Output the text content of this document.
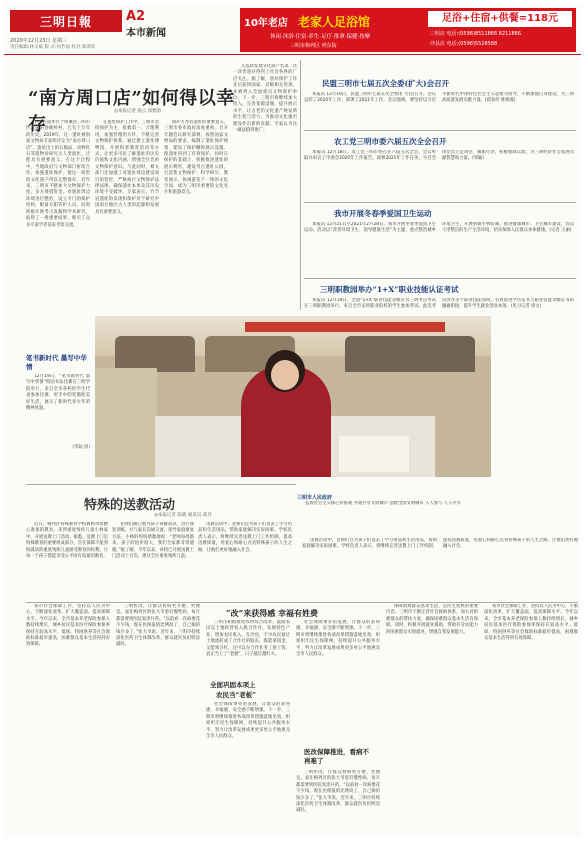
三明日報	A2
本市新闻
2020年12月23日 星期三
责任编辑:林文斌 版 式:何芳福 校对:郑翠萍
10年老店 老家人足浴馆
休闲·沐浴·住宿·养生·足疗·推拿·保健·按摩
三明市梅列区 列东街
足浴+住宿+供餐=118元
三明店 电话:(0598)8511866 8211866
沙县店 电话:(0598)5528588
“南方周口店”如何得以幸存
◎本报记者 骆云 徐雅韵

竹节岩遗址位于明溪县三明市区北部的苍峡岭村，已有十万年的历史。2019年，这一遗址被国家文物局专家组评定为“南方周口店”。遗址出土的石制品、动物化石等遗物对研究古人类演化、迁徙具有重要意义。在这个过程中，当地政府与文物部门密切合作，加强遗址保护，使这一珍贵的文化遗产得以完整保存。近年来，三明市不断加大文物保护力度，多方筹措资金，对遗址周边环境进行整治，设立专门的保护机构，配备专职管护人员。同时积极开展考古发掘和学术研究，取得了一批重要成果，吸引了众多专家学者前来考察交流。

在遗址保护工作中，三明市坚持保护为主、抢救第一、合理利用、加强管理的方针，不断完善文物保护体系。通过建立遗址博物馆、开展科普教育活动等方式，让更多市民了解遗址的历史价值和文化内涵，增强全社会的文物保护意识。与此同时，相关部门还加强了对遗址周边建设项目的管控，严格执行文物保护法律法规，确保遗址本体及其历史环境不受破坏。专家表示，竹节岩遗址的发现和保护对于研究中国南方地区古人类的起源和发展具有重要意义。

保护万寿岩遗址的重要意义，三明市委市政府高度重视，召开专题会议研究部署。按照国家文物局的要求，编制了遗址保护规划，建设了保护棚和展示设施，使遗址得到了有效保护。同时在保护的基础上，积极推进遗址的展示利用，建设考古遗址公园，打造集文物保护、科学研究、教育展示、休闲游览于一体的文化空间，成为三明市重要的文化名片和旅游景点。

入选新发现文化遗产名录，这一珍贵遗存得到了社会各界的广泛关注。据了解，遗址保护工作先后获得国家、省级相关奖项，并被列入全国重点文物保护单位。下一步，三明市将继续加大投入，完善基础设施，提升展示水平，让古老的文化遗产焕发新的生机与活力，为推动文化强市建设作出新的贡献。专家认为这一做法值得推广。

民盟三明市七届五次全委(扩大)会召开

本报讯 12月19日，民盟三明市七届五次全委(扩大)会召开。会议总结了2020年工作，部署了2021年工作。会议强调，要坚持以习近平新时代中国特色社会主义思想为指导，不断加强自身建设，为三明高质量发展贡献力量。(郑春萍 林燕燕)

农工党三明市委六届五次全会召开

本报讯 12月18日，农工党三明市委召开六届五次全会。会议听取并审议了市委会2020年工作报告，部署2021年工作任务，号召全体党员立足岗位，履职尽责，积极参政议政，为三明经济社会发展贡献智慧和力量。(邹颖)

我市开展冬春季爱国卫生运动

本报讯 12月21日至2021年2月28日，我市开展冬春季爱国卫生运动。活动以“改善环境卫生、倡导健康生活”为主题，重点整治城乡环境卫生，开展病媒生物防制，推进健康城市、卫生城市建设，营造干净整洁的生产生活环境，切实保障人民群众身体健康。(记者 王丽)

三明职教园举办“1+X”职业技能认证考试

本报讯 12月19日，全国“1+X”职业技能等级证书三明考点考试在三明职教园举行，来自全市多所职业院校的学生参加考试。此次考试涉及多个职业技能领域，有效促进学历证书与职业技能等级证书的融通衔接，提升学生就业创业本领。(见习记者 徐文)

笔书新时代 墨写中华情

12月19日，“笔书新时代 墨写中华情”校园书法比赛在三明学院举行，来自全市各校的学生代表参加比赛，用手中的笔描绘美好生活，展示了新时代青少年的精神风貌。

(邹颖 摄)
特殊的送教活动
◎本报记者 陈晓 通讯员 邱丹

近日，梅列区特殊教育学校教师带着精心准备的教具，来到重度残疾儿童小林家中，开展送教上门活动。据悉，送教上门是特殊教育的重要组成部分，旨在保障不能到校就读的重度残疾儿童接受教育的权利，让每一个孩子都能享受公平而有质量的教育。

老师们耐心地为孩子讲解知识，进行康复训练，并与家长沟通交流，指导家庭康复方法。小林的妈妈感激地说：“老师每周都来，孩子的进步很大，我们全家都非常感谢。”据了解，今年以来，该校已开展送教上门活动上百次，惠及全区重度残疾儿童。

送教活动中，老师们还为孩子们送去了学习用品和生活用品，帮助家庭解决实际困难。学校负责人表示，将继续完善送教上门工作机制，提高送教质量，用爱心和耐心点亮特殊孩子的人生之路，让他们更好地融入社会。

三明市人民政府

弘扬社会主义核心价值观 共建共享文明城市 创建全国文明城市 人人参与 人人共享

送教活动中，老师们还为孩子们送去了学习用品和生活用品，帮助家庭解决实际困难。学校负责人表示，将继续完善送教上门工作机制，提高送教质量，用爱心和耐心点亮特殊孩子的人生之路，让他们更好地融入社会。

“改”来获得感 幸福有姓费

我市社会保障工作，坚持以人民为中心，不断深化改革，扩大覆盖面，提高保障水平。今年以来，全市基本养老保险参保人数持续增长，城乡居民基本医疗保险参保率保持在较高水平。低保、特困供养等社会救助标准稳步提高，困难群众基本生活得到有效保障。

三明医改，让群众看病更方便、更便宜。家住梅列区的张大爷患有慢性病，每月都需要到医院复诊开药。“以前看一次病要花不少钱，现在医保报销比例高了，自己掏的钱少多了。”张大爷说。近年来，三明市持续深化医药卫生体制改革，群众就医负担明显减轻。

全面巩固本项上
农民当“老板”

三明市积极推进农村综合改革，鼓励农民以土地经营权入股合作社，发展特色产业，增加农民收入。在沙县，不少农民通过土地流转成了合作社的股东，既能拿租金，又能领分红，还可以在合作社务工挣工资，真正当上了“老板”，日子越过越红火。

社会保障事业的发展，让群众的获得感、幸福感、安全感不断增强。下一步，三明市将继续推进各项改革措施落地见效，织密织牢民生保障网，持续提升公共服务水平，努力让改革发展成果更多更公平地惠及全市人民群众。

社会保障事业的发展，让群众的获得感、幸福感、安全感不断增强。下一步，三明市将继续推进各项改革措施落地见效，织密织牢民生保障网，持续提升公共服务水平，努力让改革发展成果更多更公平地惠及全市人民群众。

医改保障推进，看病不再难了

三明医改，让群众看病更方便、更便宜。家住梅列区的张大爷患有慢性病，每月都需要到医院复诊开药。“以前看一次病要花不少钱，现在医保报销比例高了，自己掏的钱少多了。”张大爷说。近年来，三明市持续深化医药卫生体制改革，群众就医负担明显减轻。

保障困难群众基本生活，是民生兜底的重要内容。三明市不断完善社会救助体系，加大对困难群众的帮扶力度，确保困难群众基本生活有保障。同时，积极开展就业援助，帮助有劳动能力的困难群众实现就业，增强自我发展能力。

我市社会保障工作，坚持以人民为中心，不断深化改革，扩大覆盖面，提高保障水平。今年以来，全市基本养老保险参保人数持续增长，城乡居民基本医疗保险参保率保持在较高水平。低保、特困供养等社会救助标准稳步提高，困难群众基本生活得到有效保障。
